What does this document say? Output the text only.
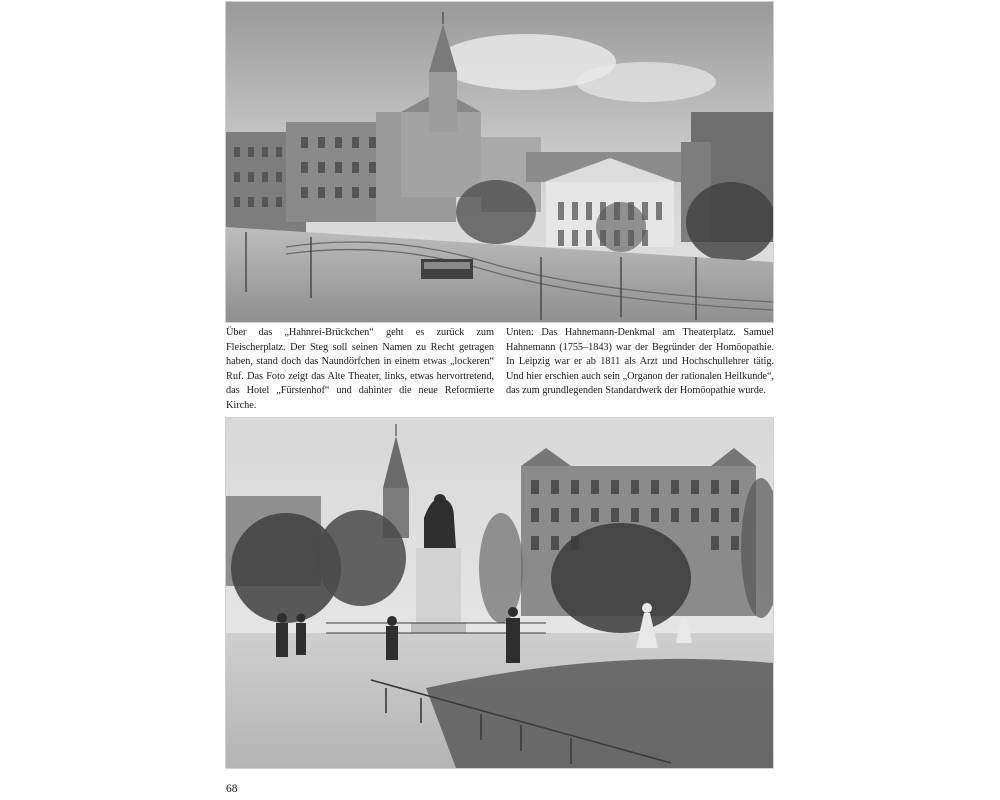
Über das „Hahnrei-Brückchen“ geht es zurück zum Fleischerplatz. Der Steg soll seinen Namen zu Recht getragen haben, stand doch das Naundörfchen in einem etwas „lockeren“ Ruf. Das Foto zeigt das Alte Theater, links, etwas hervortretend, das Hotel „Fürstenhof“ und dahinter die neue Reformierte Kirche.
Unten: Das Hahnemann-Denkmal am Theaterplatz. Samuel Hahnemann (1755–1843) war der Begründer der Homöopathie. In Leipzig war er ab 1811 als Arzt und Hochschullehrer tätig. Und hier erschien auch sein „Organon der rationalen Heilkunde“, das zum grundlegenden Standardwerk der Homöopathie wurde.
68
